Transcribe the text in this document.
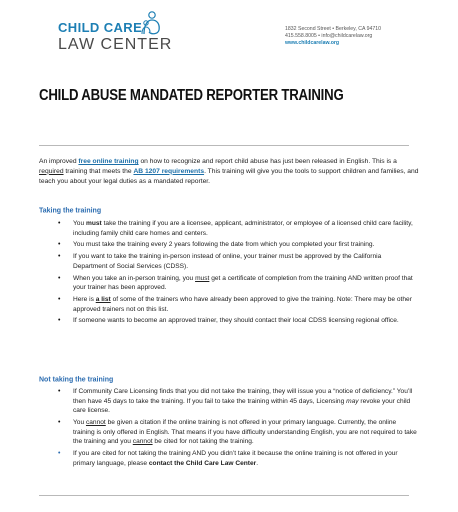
CHILD CARE
LAW CENTER
1832 Second Street • Berkeley, CA 94710
415.558.8005 • info@childcarelaw.org
www.childcarelaw.org
CHILD ABUSE MANDATED REPORTER TRAINING
An improved free online training on how to recognize and report child abuse has just been released in English. This is a required training that meets the AB 1207 requirements. This training will give you the tools to support children and families, and teach you about your legal duties as a mandated reporter.
Taking the training
• You must take the training if you are a licensee, applicant, administrator, or employee of a licensed child care facility, including family child care homes and centers.
• You must take the training every 2 years following the date from which you completed your first training.
• If you want to take the training in-person instead of online, your trainer must be approved by the California Department of Social Services (CDSS).
• When you take an in-person training, you must get a certificate of completion from the training AND written proof that your trainer has been approved.
• Here is a list of some of the trainers who have already been approved to give the training. Note: There may be other approved trainers not on this list.
• If someone wants to become an approved trainer, they should contact their local CDSS licensing regional office.
Not taking the training
• If Community Care Licensing finds that you did not take the training, they will issue you a “notice of deficiency.” You’ll then have 45 days to take the training. If you fail to take the training within 45 days, Licensing may revoke your child care license.
• You cannot be given a citation if the online training is not offered in your primary language. Currently, the online training is only offered in English. That means if you have difficulty understanding English, you are not required to take the training and you cannot be cited for not taking the training.
• If you are cited for not taking the training AND you didn’t take it because the online training is not offered in your primary language, please contact the Child Care Law Center.
